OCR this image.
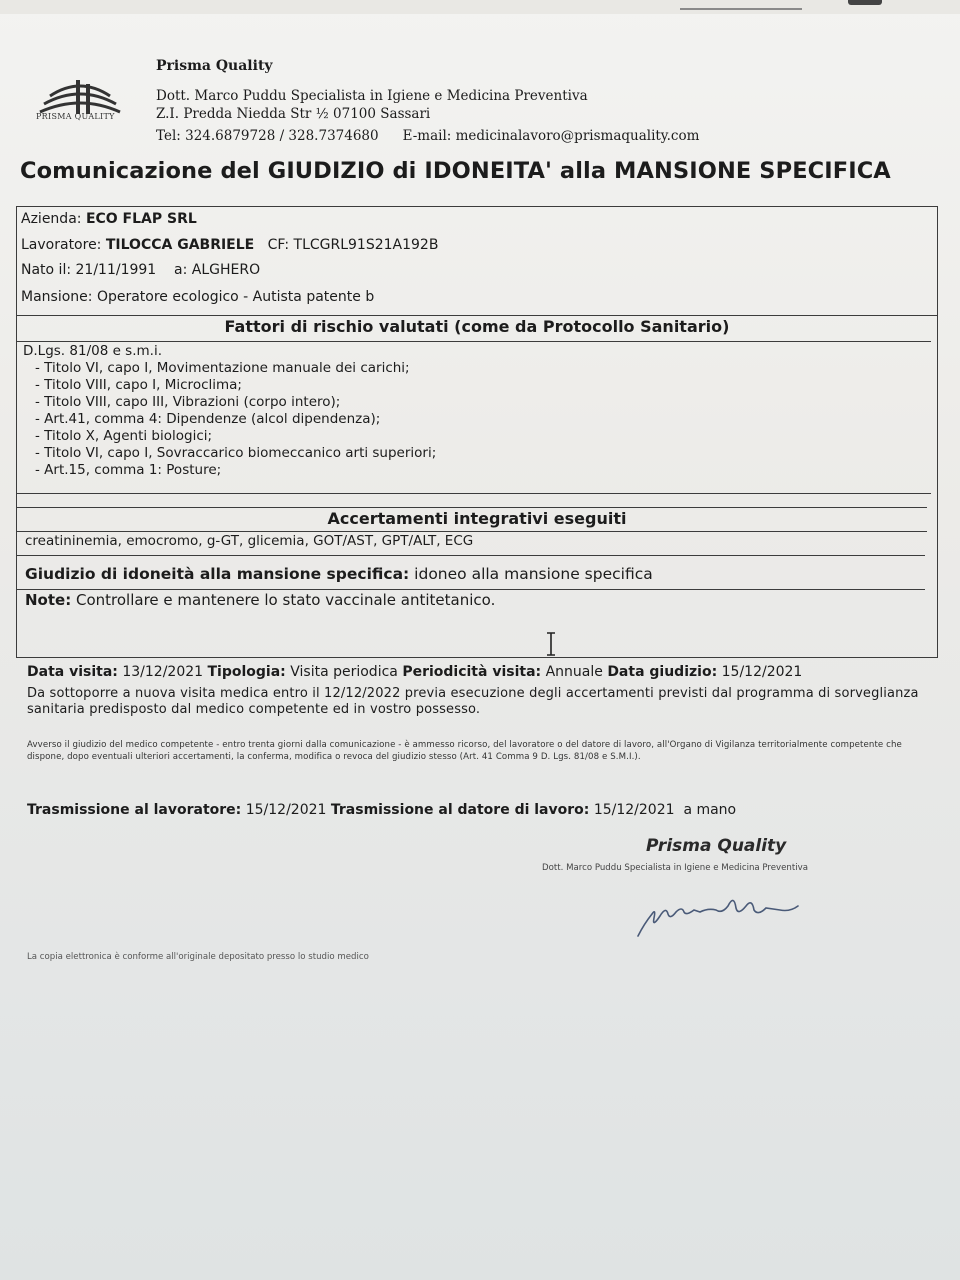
PRISMA QUALITY
Prisma Quality
Dott. Marco Puddu Specialista in Igiene e Medicina Preventiva
Z.I. Predda Niedda Str ½ 07100 Sassari
Tel: 324.6879728 / 328.7374680 E-mail: medicinalavoro@prismaquality.com
Comunicazione del GIUDIZIO di IDONEITA' alla MANSIONE SPECIFICA
Azienda: ECO FLAP SRL
Lavoratore: TILOCCA GABRIELE CF: TLCGRL91S21A192B
Nato il: 21/11/1991 a: ALGHERO
Mansione: Operatore ecologico - Autista patente b
Fattori di rischio valutati (come da Protocollo Sanitario)
D.Lgs. 81/08 e s.m.i.
- Titolo VI, capo I, Movimentazione manuale dei carichi;
- Titolo VIII, capo I, Microclima;
- Titolo VIII, capo III, Vibrazioni (corpo intero);
- Art.41, comma 4: Dipendenze (alcol dipendenza);
- Titolo X, Agenti biologici;
- Titolo VI, capo I, Sovraccarico biomeccanico arti superiori;
- Art.15, comma 1: Posture;
Accertamenti integrativi eseguiti
creatininemia, emocromo, g-GT, glicemia, GOT/AST, GPT/ALT, ECG
Giudizio di idoneità alla mansione specifica: idoneo alla mansione specifica
Note: Controllare e mantenere lo stato vaccinale antitetanico.
Data visita: 13/12/2021 Tipologia: Visita periodica Periodicità visita: Annuale Data giudizio: 15/12/2021
Da sottoporre a nuova visita medica entro il 12/12/2022 previa esecuzione degli accertamenti previsti dal programma di sorveglianza sanitaria predisposto dal medico competente ed in vostro possesso.
Avverso il giudizio del medico competente - entro trenta giorni dalla comunicazione - è ammesso ricorso, del lavoratore o del datore di lavoro, all'Organo di Vigilanza territorialmente competente che dispone, dopo eventuali ulteriori accertamenti, la conferma, modifica o revoca del giudizio stesso (Art. 41 Comma 9 D. Lgs. 81/08 e S.M.I.).
Trasmissione al lavoratore: 15/12/2021 Trasmissione al datore di lavoro: 15/12/2021 a mano
Prisma Quality
Dott. Marco Puddu Specialista in Igiene e Medicina Preventiva
La copia elettronica è conforme all'originale depositato presso lo studio medico
